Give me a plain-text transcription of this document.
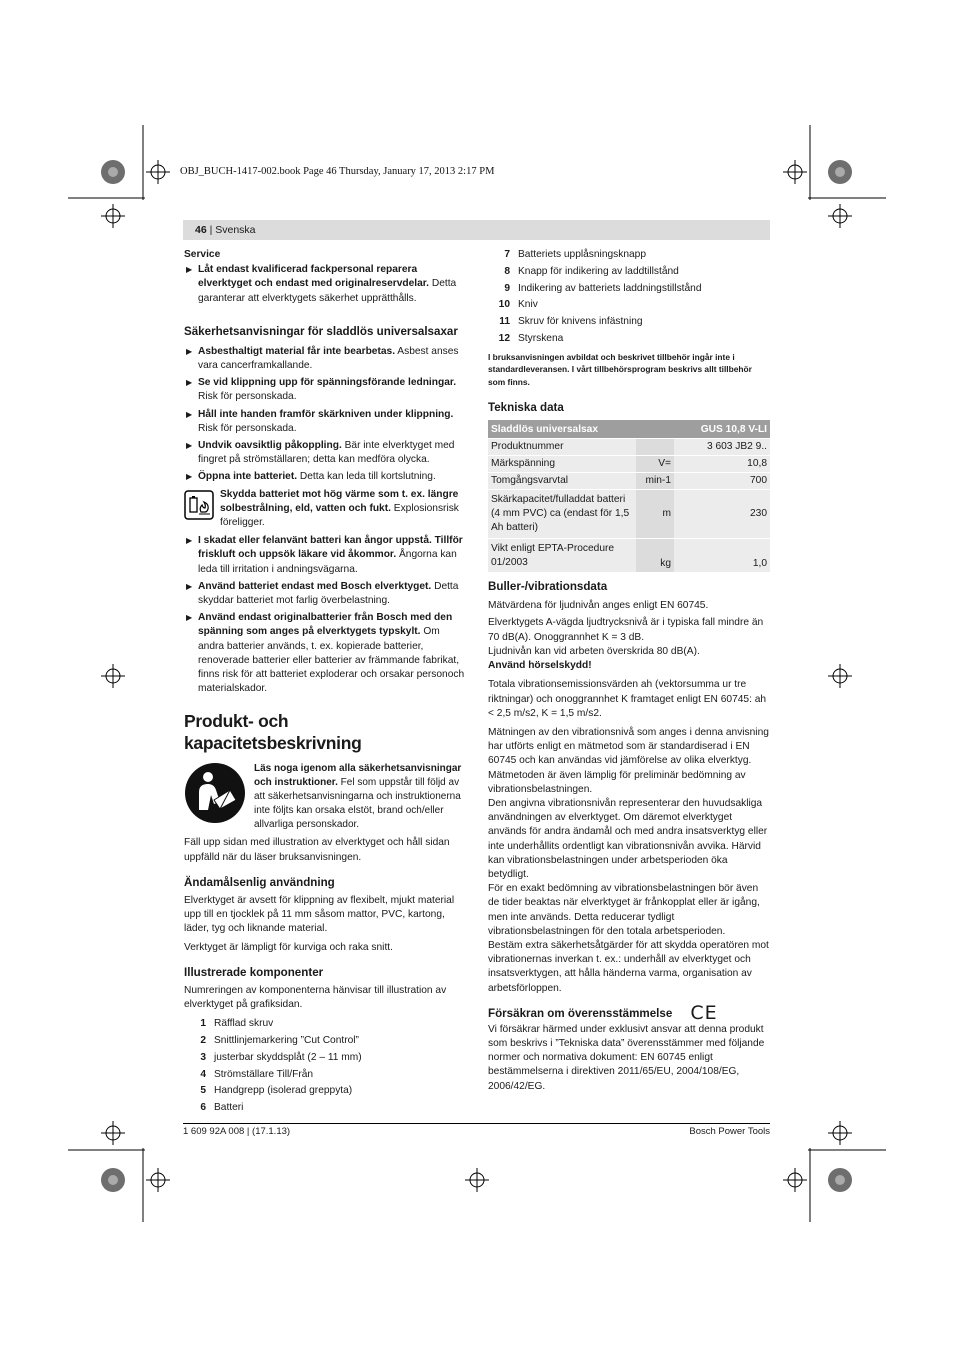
OBJ_BUCH-1417-002.book Page 46 Thursday, January 17, 2013 2:17 PM
46 | Svenska

Service

▶ Låt endast kvalificerad fackpersonal reparera elverktyget och endast med originalreservdelar. Detta garanterar att elverktygets säkerhet upprätthålls.

Säkerhetsanvisningar för sladdlös universalsaxar

▶ Asbesthaltigt material får inte bearbetas. Asbest anses vara cancerframkallande.
▶ Se vid klippning upp för spänningsförande ledningar. Risk för personskada.
▶ Håll inte handen framför skärkniven under klippning. Risk för personskada.
▶ Undvik oavsiktlig påkoppling. Bär inte elverktyget med fingret på strömställaren; detta kan medföra olycka.
▶ Öppna inte batteriet. Detta kan leda till kortslutning.
Skydda batteriet mot hög värme som t. ex. längre solbestrålning, eld, vatten och fukt. Explosionsrisk föreligger.
▶ I skadat eller felanvänt batteri kan ångor uppstå. Tillför friskluft och uppsök läkare vid åkommor. Ångorna kan leda till irritation i andningsvägarna.
▶ Använd batteriet endast med Bosch elverktyget. Detta skyddar batteriet mot farlig överbelastning.
▶ Använd endast originalbatterier från Bosch med den spänning som anges på elverktygets typskylt. Om andra batterier används, t. ex. kopierade batterier, renoverade batterier eller batterier av främmande fabrikat, finns risk för att batteriet exploderar och orsakar personoch materialskador.

Produkt- och kapacitetsbeskrivning

Läs noga igenom alla säkerhetsanvisningar och instruktioner. Fel som uppstår till följd av att säkerhetsanvisningarna och instruktionerna inte följts kan orsaka elstöt, brand och/eller allvarliga personskador.

Fäll upp sidan med illustration av elverktyget och håll sidan uppfälld när du läser bruksanvisningen.

Ändamålsenlig användning

Elverktyget är avsett för klippning av flexibelt, mjukt material upp till en tjocklek på 11 mm såsom mattor, PVC, kartong, läder, tyg och liknande material.

Verktyget är lämpligt för kurviga och raka snitt.

Illustrerade komponenter

Numreringen av komponenterna hänvisar till illustration av elverktyget på grafiksidan.

1 Räfflad skruv
2 Snittlinjemarkering ”Cut Control”
3 justerbar skyddsplåt (2 – 11 mm)
4 Strömställare Till/Från
5 Handgrepp (isolerad greppyta)
6 Batteri
7 Batteriets upplåsningsknapp
8 Knapp för indikering av laddtillstånd
9 Indikering av batteriets laddningstillstånd
10 Kniv
11 Skruv för knivens infästning
12 Styrskena

I bruksanvisningen avbildat och beskrivet tillbehör ingår inte i standardleveransen. I vårt tillbehörsprogram beskrivs allt tillbehör som finns.

Tekniska data

Sladdlös universalsax		GUS 10,8 V-LI
Produktnummer		3 603 JB2 9..
Märkspänning	V=	10,8
Tomgångsvarvtal	min-1	700
Skärkapacitet/fulladdat batteri (4 mm PVC) ca (endast för 1,5 Ah batteri)	m	230
Vikt enligt EPTA-Procedure 01/2003	kg	1,0

Buller-/vibrationsdata

Mätvärdena för ljudnivån anges enligt EN 60745.

Elverktygets A-vägda ljudtrycksnivå är i typiska fall mindre än 70 dB(A). Onoggrannhet K = 3 dB.

Ljudnivån kan vid arbeten överskrida 80 dB(A).

Använd hörselskydd!

Totala vibrationsemissionsvärden ah (vektorsumma ur tre riktningar) och onoggrannhet K framtaget enligt EN 60745: ah < 2,5 m/s2, K = 1,5 m/s2.

Mätningen av den vibrationsnivå som anges i denna anvisning har utförts enligt en mätmetod som är standardiserad i EN 60745 och kan användas vid jämförelse av olika elverktyg. Mätmetoden är även lämplig för preliminär bedömning av vibrationsbelastningen.

Den angivna vibrationsnivån representerar den huvudsakliga användningen av elverktyget. Om däremot elverktyget används för andra ändamål och med andra insatsverktyg eller inte underhållits ordentligt kan vibrationsnivån avvika. Härvid kan vibrationsbelastningen under arbetsperioden öka betydligt.

För en exakt bedömning av vibrationsbelastningen bör även de tider beaktas när elverktyget är frånkopplat eller är igång, men inte används. Detta reducerar tydligt vibrationsbelastningen för den totala arbetsperioden.

Bestäm extra säkerhetsåtgärder för att skydda operatören mot vibrationernas inverkan t. ex.: underhåll av elverktyget och insatsverktygen, att hålla händerna varma, organisation av arbetsförloppen.

Försäkran om överensstämmelse CE

Vi försäkrar härmed under exklusivt ansvar att denna produkt som beskrivs i ”Tekniska data” överensstämmer med följande normer och normativa dokument: EN 60745 enligt bestämmelserna i direktiven 2011/65/EU, 2004/108/EG, 2006/42/EG.

1 609 92A 008 | (17.1.13)	Bosch Power Tools
